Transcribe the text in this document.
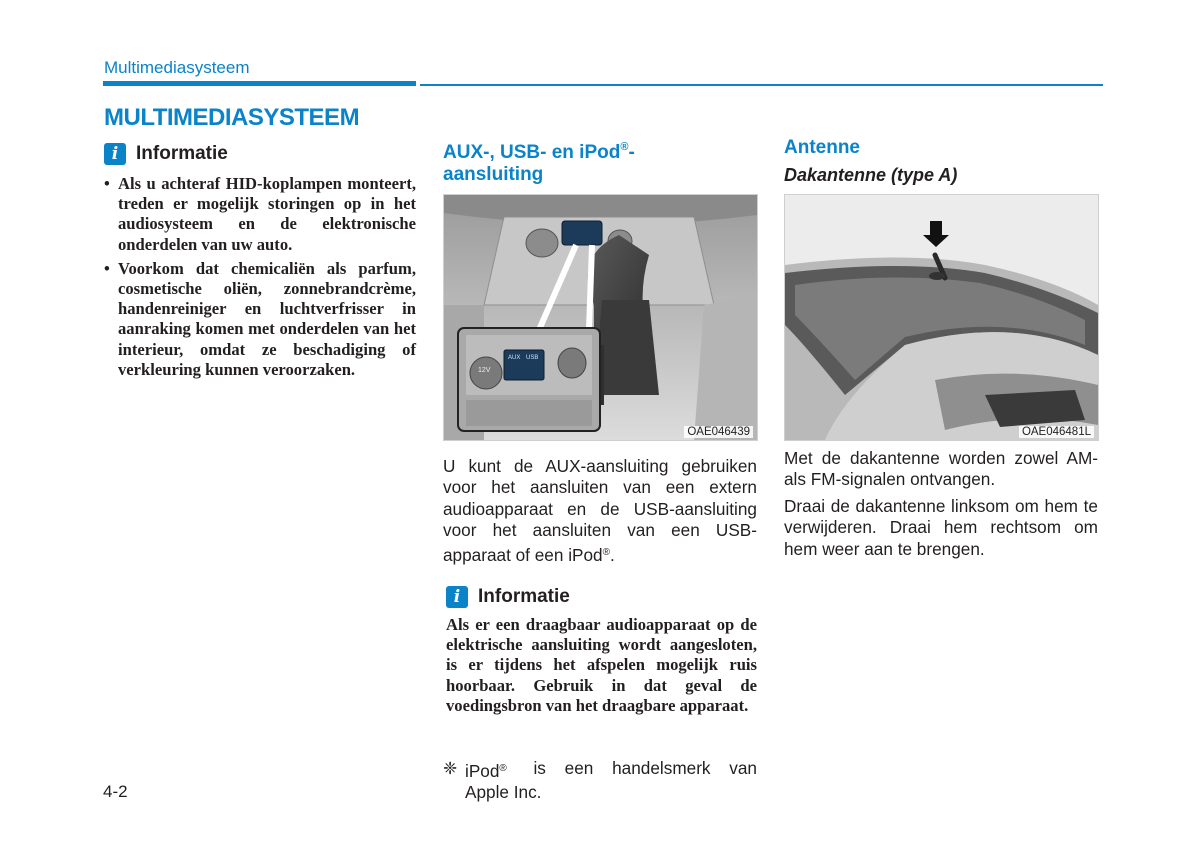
Multimediasysteem
MULTIMEDIASYSTEEM
i Informatie
• Als u achteraf HID-koplampen monteert, treden er mogelijk storingen op in het audiosysteem en de elektronische onderdelen van uw auto.
• Voorkom dat chemicaliën als parfum, cosmetische oliën, zonnebrandcrème, handenreiniger en luchtverfrisser in aanraking komen met onderdelen van het interieur, omdat ze beschadiging of verkleuring kunnen veroorzaken.
AUX-, USB- en iPod®-
aansluiting
12V
AUX USB
OAE046439
U kunt de AUX-aansluiting gebruiken voor het aansluiten van een extern audioapparaat en de USB-aansluiting voor het aansluiten van een USB-apparaat of een iPod®.
i Informatie
Als er een draagbaar audioapparaat op de elektrische aansluiting wordt aangesloten, is er tijdens het afspelen mogelijk ruis hoorbaar. Gebruik in dat geval de voedingsbron van het draagbare apparaat.
❈ iPod® is een handelsmerk van
Apple Inc.
Antenne
Dakantenne (type A)
OAE046481L
Met de dakantenne worden zowel AM- als FM-signalen ontvangen.
Draai de dakantenne linksom om hem te verwijderen. Draai hem rechtsom om hem weer aan te brengen.
4-2
